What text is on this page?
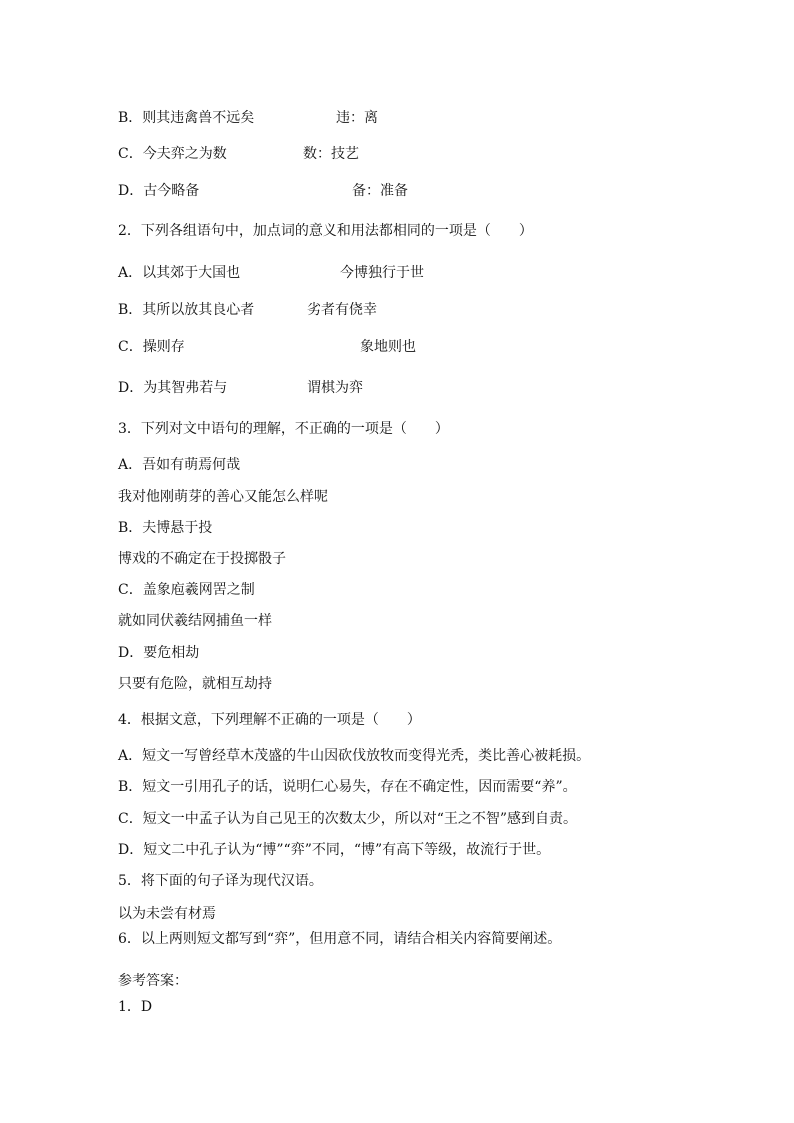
B．则其违禽兽不远矣	违：离
C．今夫弈之为数	数：技艺
D．古今略备	备：准备
2．下列各组语句中，加点词的意义和用法都相同的一项是（　　）
A．以其郊于大国也	今博独行于世
B．其所以放其良心者	劣者有侥幸
C．操则存	象地则也
D．为其智弗若与	谓棋为弈
3．下列对文中语句的理解，不正确的一项是（　　）
A．吾如有萌焉何哉
我对他刚萌芽的善心又能怎么样呢
B．夫博悬于投
博戏的不确定在于投掷骰子
C．盖象庖羲网罟之制
就如同伏羲结网捕鱼一样
D．要危相劫
只要有危险，就相互劫持
4．根据文意，下列理解不正确的一项是（　　）
A．短文一写曾经草木茂盛的牛山因砍伐放牧而变得光秃，类比善心被耗损。
B．短文一引用孔子的话，说明仁心易失，存在不确定性，因而需要“养”。
C．短文一中孟子认为自己见王的次数太少，所以对“王之不智”感到自责。
D．短文二中孔子认为“博”“弈”不同，“博”有高下等级，故流行于世。
5．将下面的句子译为现代汉语。
以为未尝有材焉
6．以上两则短文都写到“弈”，但用意不同，请结合相关内容简要阐述。
参考答案：
1．D
